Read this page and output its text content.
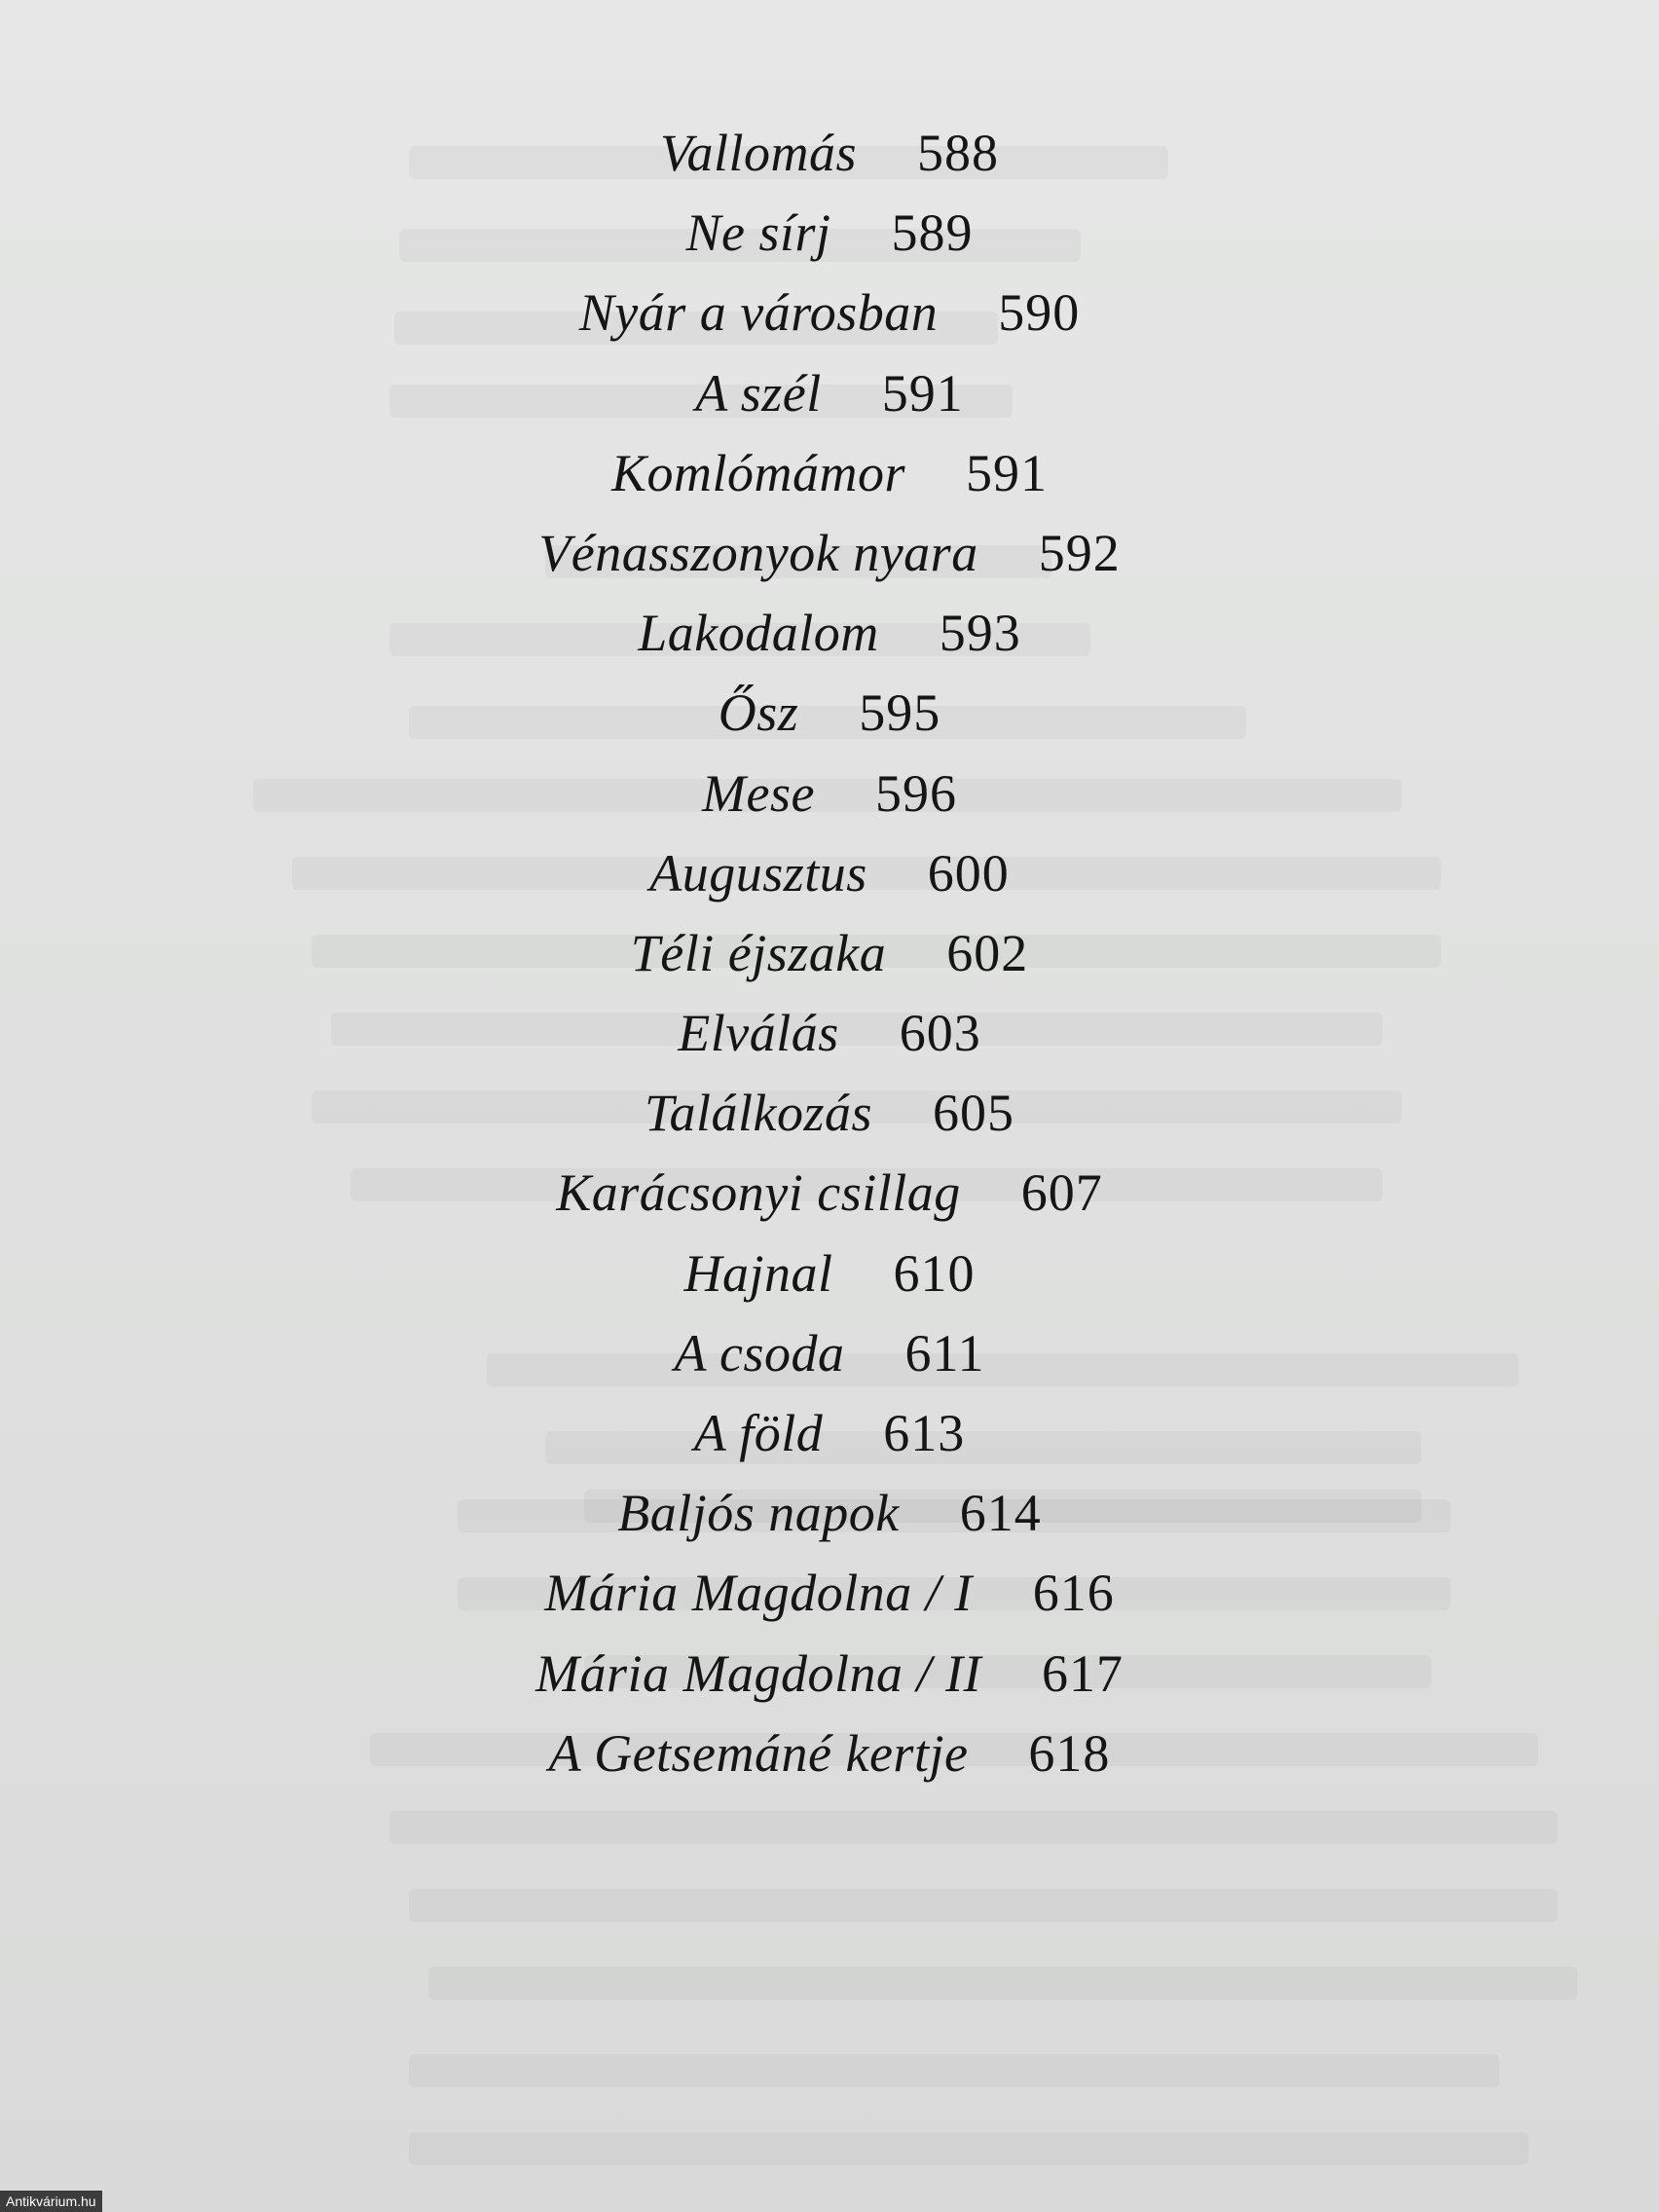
Vallomás 588
Ne sírj 589
Nyár a városban 590
A szél 591
Komlómámor 591
Vénasszonyok nyara 592
Lakodalom 593
Ősz 595
Mese 596
Augusztus 600
Téli éjszaka 602
Elválás 603
Találkozás 605
Karácsonyi csillag 607
Hajnal 610
A csoda 611
A föld 613
Baljós napok 614
Mária Magdolna / I 616
Mária Magdolna / II 617
A Getsemáné kertje 618
Antikvárium.hu
